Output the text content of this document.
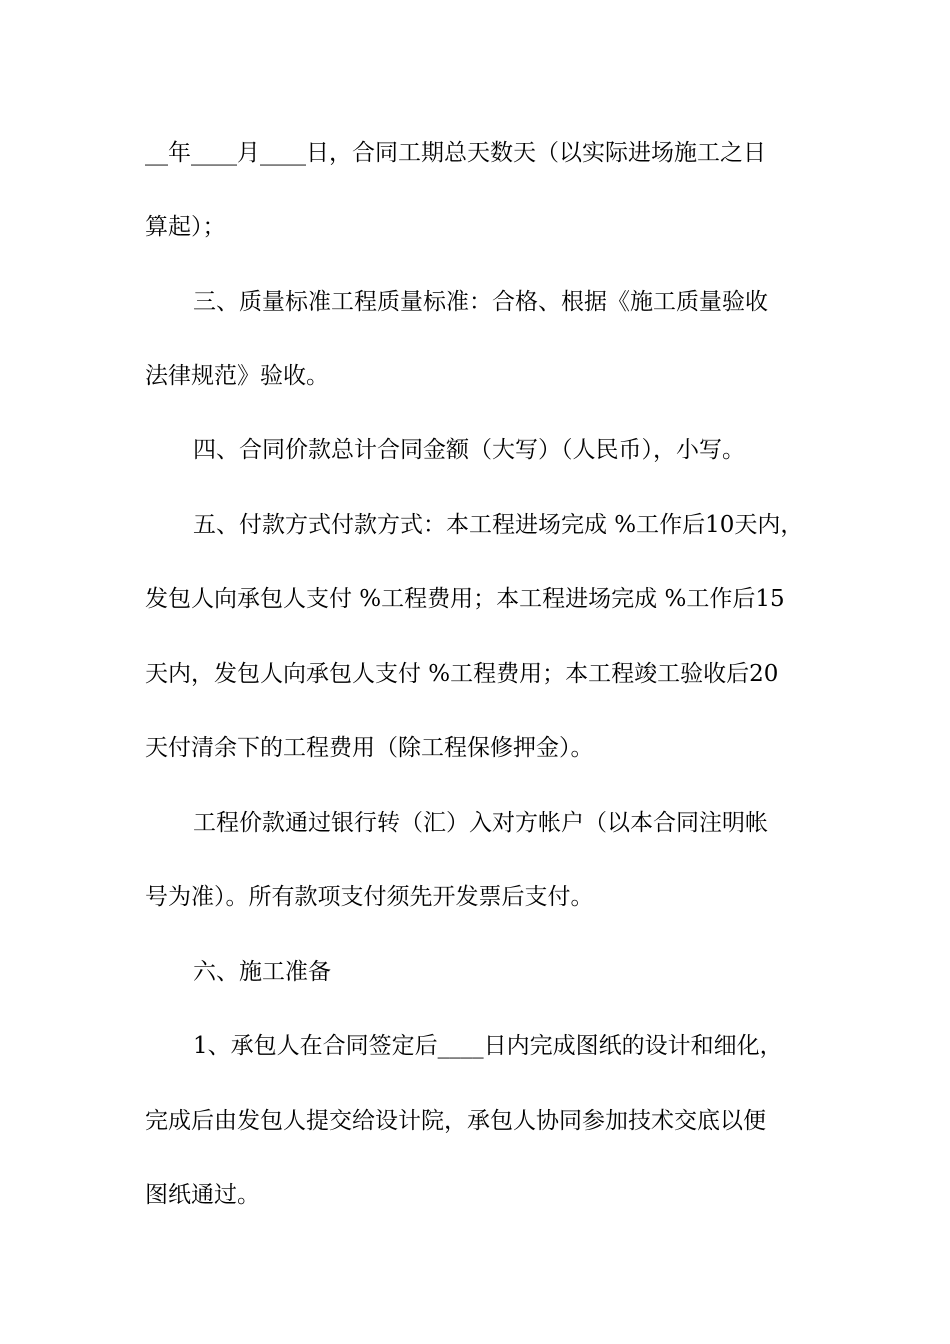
__年____月____日，合同工期总天数天（以实际进场施工之日
算起）；
三、质量标准工程质量标准：合格、根据《施工质量验收
法律规范》验收。
四、合同价款总计合同金额（大写）（人民币），小写。
五、付款方式付款方式：本工程进场完成 %工作后10天内，
发包人向承包人支付 %工程费用；本工程进场完成 %工作后15
天内，发包人向承包人支付 %工程费用；本工程竣工验收后20
天付清余下的工程费用（除工程保修押金）。
工程价款通过银行转（汇）入对方帐户（以本合同注明帐
号为准）。所有款项支付须先开发票后支付。
六、施工准备
1、承包人在合同签定后____日内完成图纸的设计和细化，
完成后由发包人提交给设计院，承包人协同参加技术交底以便
图纸通过。
